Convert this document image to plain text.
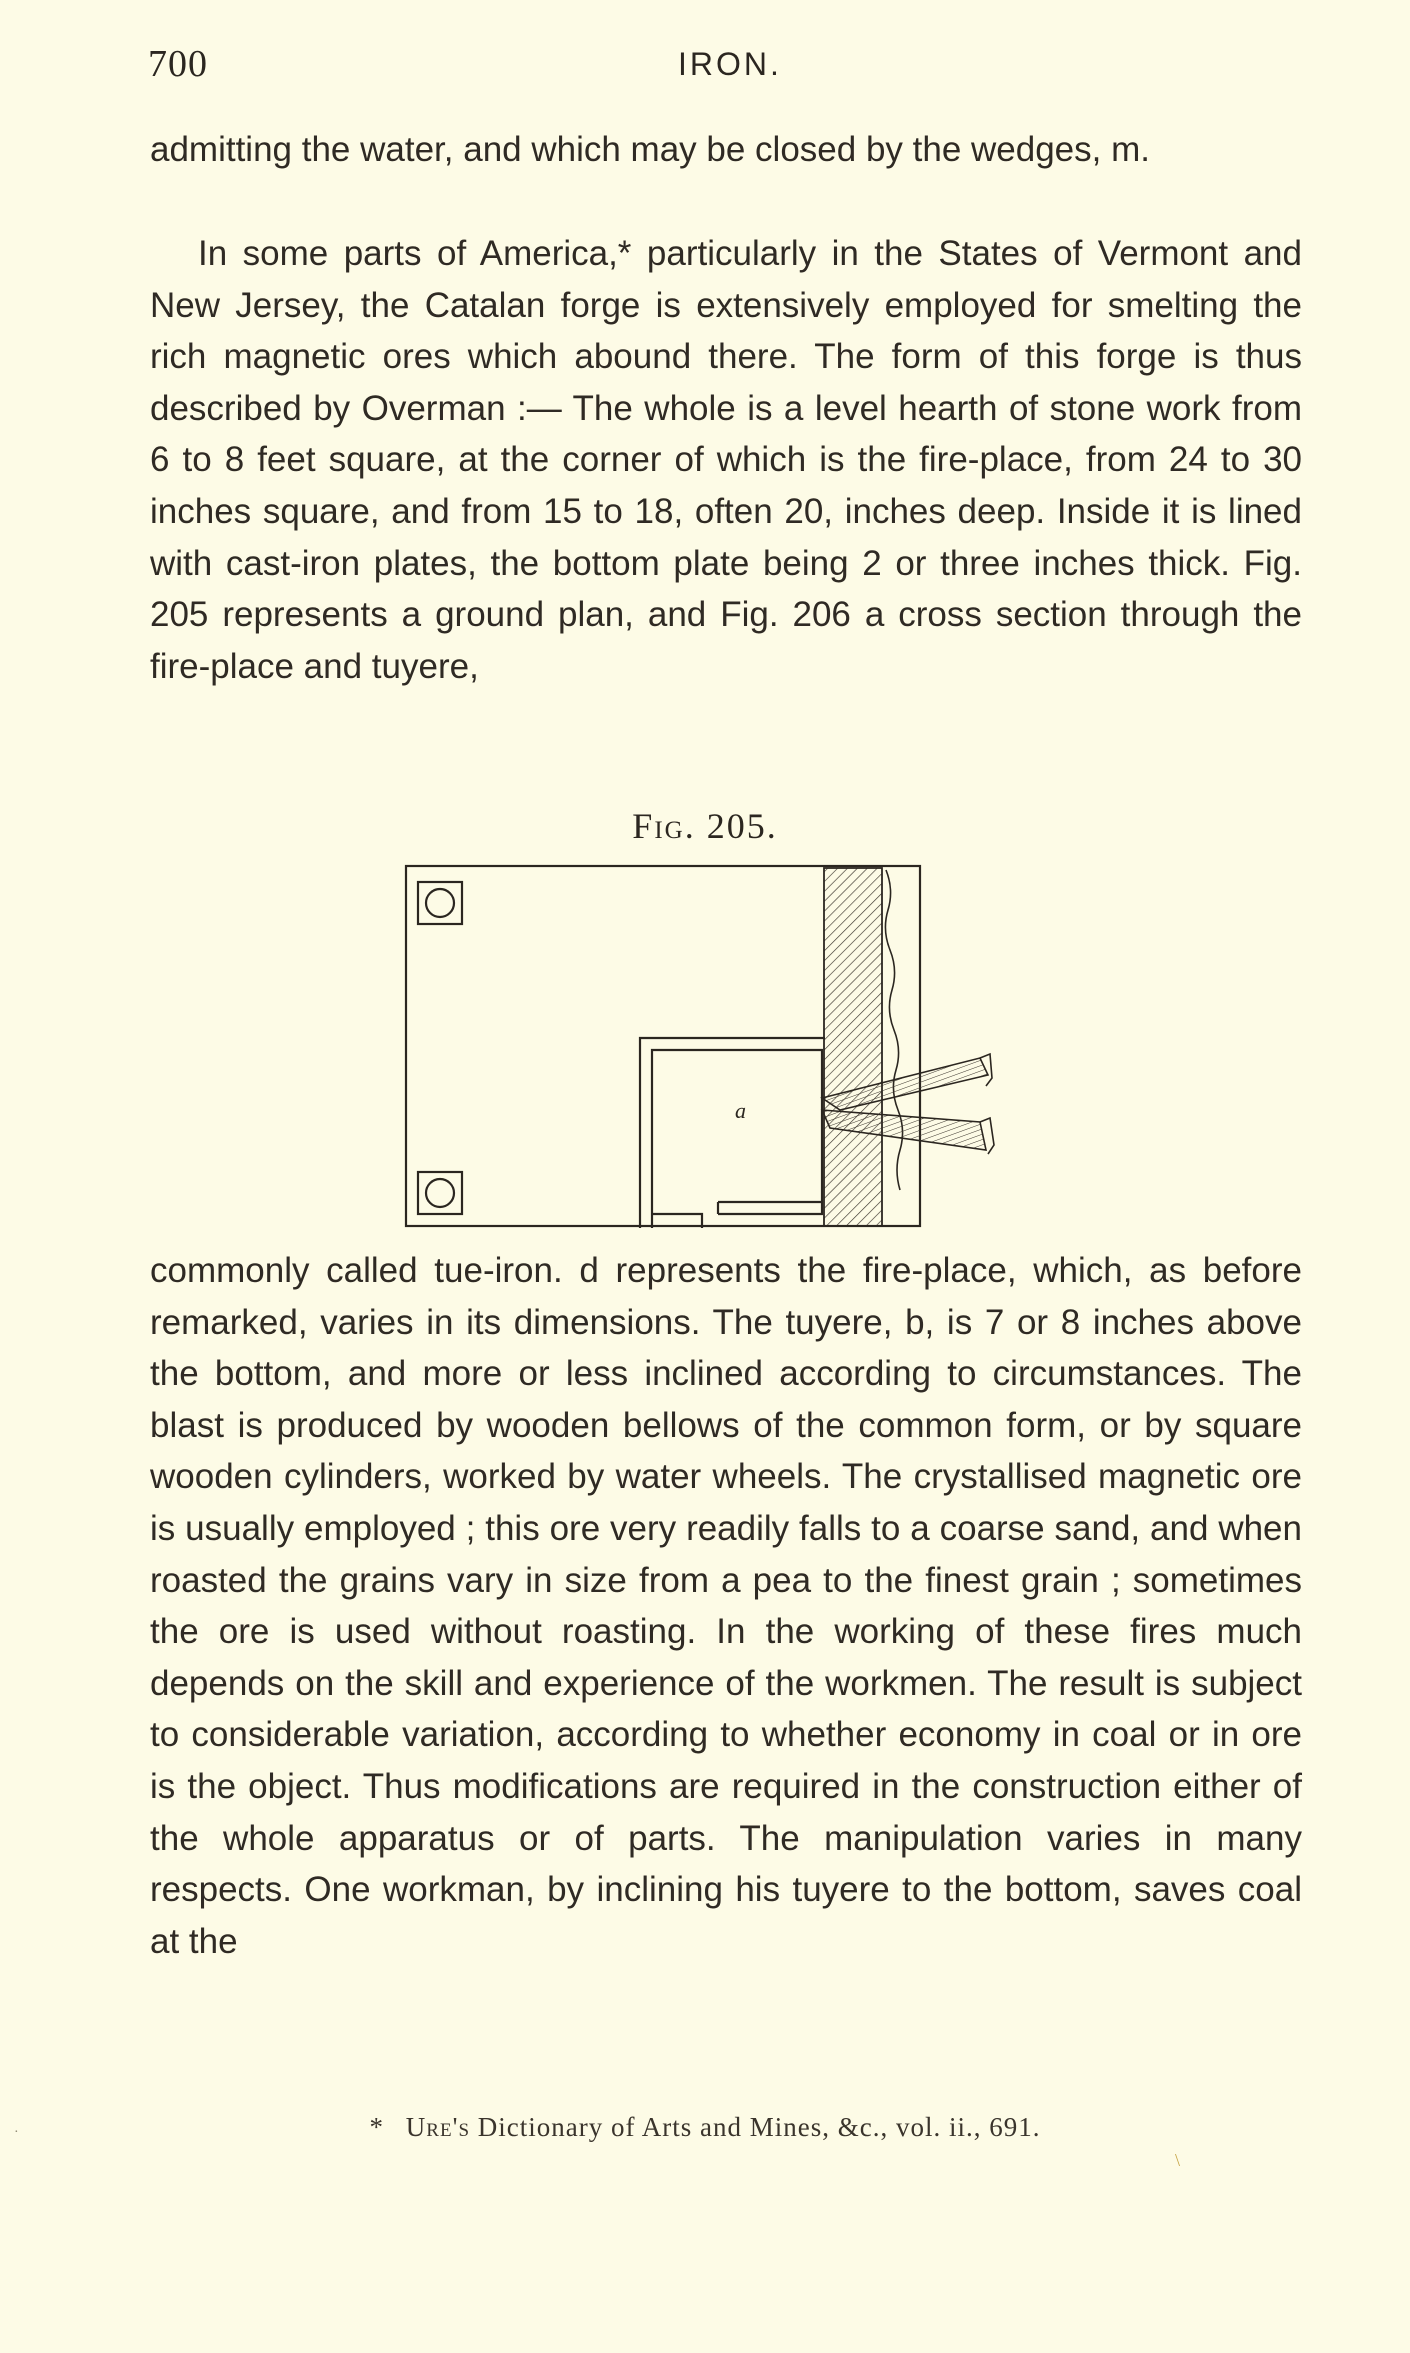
700	IRON.

admitting the water, and which may be closed by the wedges, m.

In some parts of America,* particularly in the States of Vermont and New Jersey, the Catalan forge is extensively employed for smelting the rich magnetic ores which abound there. The form of this forge is thus described by Overman :— The whole is a level hearth of stone work from 6 to 8 feet square, at the corner of which is the fire-place, from 24 to 30 inches square, and from 15 to 18, often 20, inches deep. Inside it is lined with cast-iron plates, the bottom plate being 2 or three inches thick. Fig. 205 represents a ground plan, and Fig. 206 a cross section through the fire-place and tuyere,

Fig. 205.
a

commonly called tue-iron. d represents the fire-place, which, as before remarked, varies in its dimensions. The tuyere, b, is 7 or 8 inches above the bottom, and more or less inclined according to circumstances. The blast is produced by wooden bellows of the common form, or by square wooden cylinders, worked by water wheels. The crystallised magnetic ore is usually employed ; this ore very readily falls to a coarse sand, and when roasted the grains vary in size from a pea to the finest grain ; sometimes the ore is used without roasting. In the working of these fires much depends on the skill and experience of the workmen. The result is subject to considerable variation, according to whether economy in coal or in ore is the object. Thus modifications are required in the construction either of the whole apparatus or of parts. The manipulation varies in many respects. One workman, by inclining his tuyere to the bottom, saves coal at the

* Ure's Dictionary of Arts and Mines, &c., vol. ii., 691.
·
\
